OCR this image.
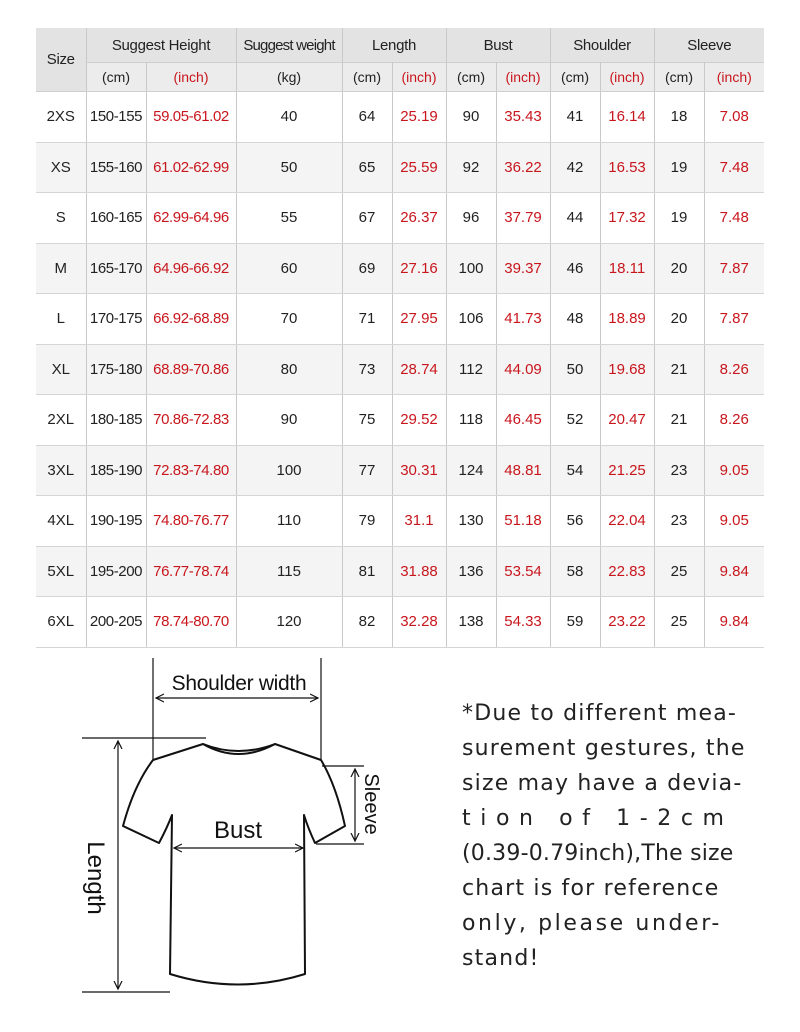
Size	Suggest Height		Suggest weight	Length		Bust		Shoulder		Sleeve	
	(cm)	(inch)	(kg)	(cm)	(inch)	(cm)	(inch)	(cm)	(inch)	(cm)	(inch)
2XS	150-155	59.05-61.02	40	64	25.19	90	35.43	41	16.14	18	7.08
XS	155-160	61.02-62.99	50	65	25.59	92	36.22	42	16.53	19	7.48
S	160-165	62.99-64.96	55	67	26.37	96	37.79	44	17.32	19	7.48
M	165-170	64.96-66.92	60	69	27.16	100	39.37	46	18.11	20	7.87
L	170-175	66.92-68.89	70	71	27.95	106	41.73	48	18.89	20	7.87
XL	175-180	68.89-70.86	80	73	28.74	112	44.09	50	19.68	21	8.26
2XL	180-185	70.86-72.83	90	75	29.52	118	46.45	52	20.47	21	8.26
3XL	185-190	72.83-74.80	100	77	30.31	124	48.81	54	21.25	23	9.05
4XL	190-195	74.80-76.77	110	79	31.1	130	51.18	56	22.04	23	9.05
5XL	195-200	76.77-78.74	115	81	31.88	136	53.54	58	22.83	25	9.84
6XL	200-205	78.74-80.70	120	82	32.28	138	54.33	59	23.22	25	9.84
Shoulder width
Bust
Length
Sleeve
*Due to different mea-
surement gestures, the
size may have a devia-
tion of 1-2cm
(0.39-0.79inch),The size
chart is for reference
only, please under-
stand!
